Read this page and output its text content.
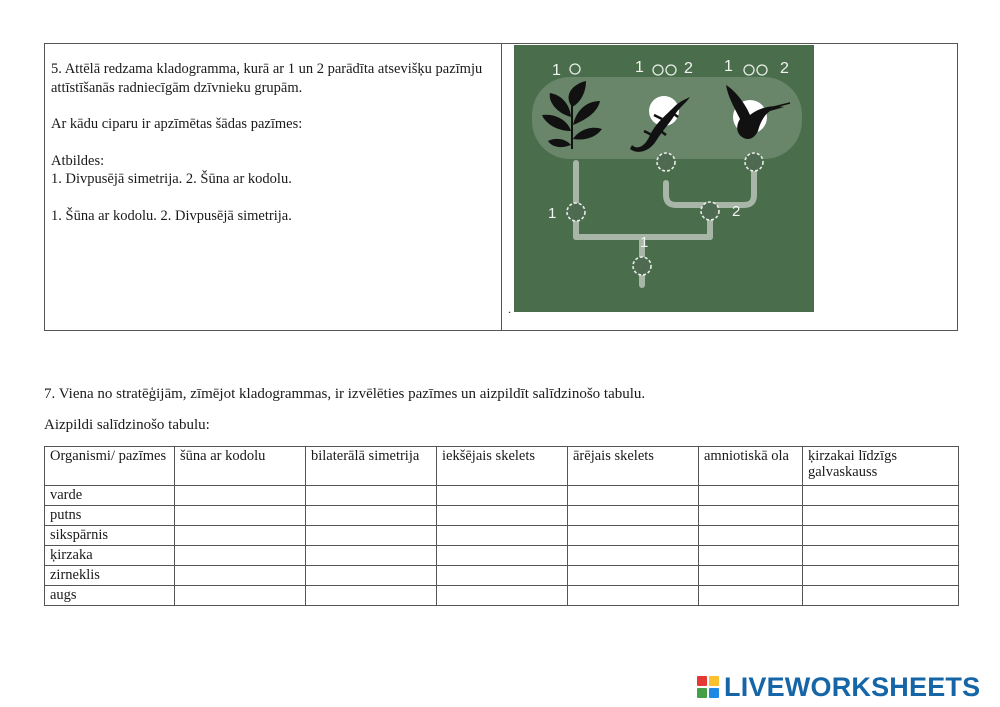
5. Attēlā redzama kladogramma, kurā ar 1 un 2 parādīta atsevišķu pazīmju attīstīšanās radniecīgām dzīvnieku grupām.

Ar kādu ciparu ir apzīmētas šādas pazīmes:

Atbildes:

1. Divpusējā simetrija. 2. Šūna ar kodolu.

1. Šūna ar kodolu. 2. Divpusējā simetrija.

.
1	2
1
1	1	2 1	2
7. Viena no stratēģijām, zīmējot kladogrammas, ir izvēlēties pazīmes un aizpildīt salīdzinošo tabulu.
Aizpildi salīdzinošo tabulu:
Organismi/ pazīmes	šūna ar kodolu	bilaterālā simetrija	iekšējais skelets	ārējais skelets	amniotiskā ola	ķirzakai līdzīgs galvaskauss
varde						
putns						
sikspārnis						
ķirzaka						
zirneklis						
augs						
LIVEWORKSHEETS
